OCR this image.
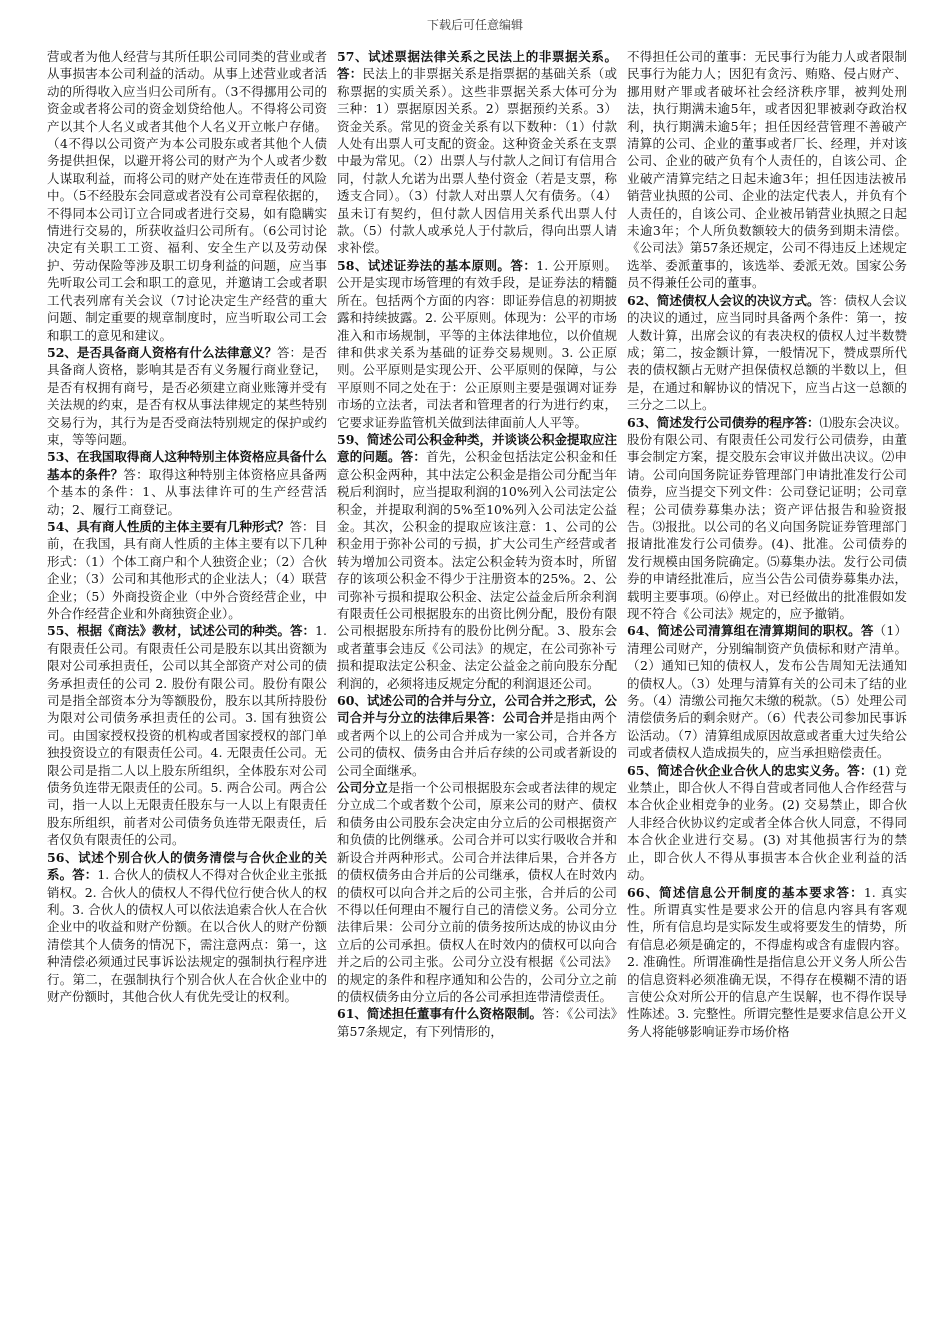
下载后可任意编辑

营或者为他人经营与其所任职公司同类的营业或者从事损害本公司利益的活动。从事上述营业或者活动的所得收入应当归公司所有。（3不得挪用公司的资金或者将公司的资金划贷给他人。不得将公司资产以其个人名义或者其他个人名义开立帐户存储。（4不得以公司资产为本公司股东或者其他个人债务提供担保，以避开将公司的财产为个人或者少数人谋取利益，而将公司的财产处在连带责任的风险中。（5不经股东会同意或者没有公司章程依据的，不得同本公司订立合同或者进行交易，如有隐瞒实情进行交易的，所获收益归公司所有。（6公司讨论决定有关职工工资、福利、安全生产以及劳动保护、劳动保险等涉及职工切身利益的问题，应当事先听取公司工会和职工的意见，并邀请工会或者职工代表列席有关会议（7讨论决定生产经营的重大问题、制定重要的规章制度时，应当听取公司工会和职工的意见和建议。

52、是否具备商人资格有什么法律意义？答：是否具备商人资格，影响其是否有义务履行商业登记，是否有权拥有商号，是否必须建立商业账簿并受有关法规的约束，是否有权从事法律规定的某些特别交易行为，其行为是否受商法特别规定的保护或约束，等等问题。

53、在我国取得商人这种特别主体资格应具备什么基本的条件？答：取得这种特别主体资格应具备两个基本的条件：1、从事法律许可的生产经营活动；2、履行工商登记。

54、具有商人性质的主体主要有几种形式？答：目前，在我国，具有商人性质的主体主要有以下几种形式：（1）个体工商户和个人独资企业；（2）合伙企业；（3）公司和其他形式的企业法人；（4）联营企业；（5）外商投资企业（中外合资经营企业，中外合作经营企业和外商独资企业）。

55、根据《商法》教材，试述公司的种类。答：1. 有限责任公司。有限责任公司是股东以其出资额为限对公司承担责任，公司以其全部资产对公司的债务承担责任的公司 2. 股份有限公司。股份有限公司是指全部资本分为等额股份，股东以其所持股份为限对公司债务承担责任的公司。3. 国有独资公司。由国家授权投资的机构或者国家授权的部门单独投资设立的有限责任公司。4. 无限责任公司。无限公司是指二人以上股东所组织，全体股东对公司债务负连带无限责任的公司。5. 两合公司。两合公司，指一人以上无限责任股东与一人以上有限责任股东所组织，前者对公司债务负连带无限责任，后者仅负有限责任的公司。

56、试述个别合伙人的债务清偿与合伙企业的关系。答：1. 合伙人的债权人不得对合伙企业主张抵销权。2. 合伙人的债权人不得代位行使合伙人的权利。3. 合伙人的债权人可以依法追索合伙人在合伙企业中的收益和财产份额。在以合伙人的财产份额清偿其个人债务的情况下，需注意两点：第一，这种清偿必须通过民事诉讼法规定的强制执行程序进行。第二，在强制执行个别合伙人在合伙企业中的财产份额时，其他合伙人有优先受让的权利。

57、试述票据法律关系之民法上的非票据关系。答：民法上的非票据关系是指票据的基础关系（或称票据的实质关系）。这些非票据关系大体可分为三种：1）票据原因关系。2）票据预约关系。3）资金关系。常见的资金关系有以下数种：（1）付款人处有出票人可支配的资金。这种资金关系在支票中最为常见。（2）出票人与付款人之间订有信用合同，付款人允诺为出票人垫付资金（若是支票，称透支合同）。（3）付款人对出票人欠有债务。（4）虽未订有契约，但付款人因信用关系代出票人付款。（5）付款人或承兑人于付款后，得向出票人请求补偿。

58、试述证券法的基本原则。答：1. 公开原则。公开是实现市场管理的有效手段，是证券法的精髓所在。包括两个方面的内容：即证券信息的初期披露和持续披露。2. 公平原则。体现为：公平的市场准入和市场规制，平等的主体法律地位，以价值规律和供求关系为基础的证券交易规则。3. 公正原则。公平原则是实现公开、公平原则的保障，与公平原则不同之处在于：公正原则主要是强调对证券市场的立法者，司法者和管理者的行为进行约束，它要求证券监管机关做到法律面前人人平等。

59、简述公司公积金种类，并谈谈公积金提取应注意的问题。答：首先，公积金包括法定公积金和任意公积金两种，其中法定公积金是指公司分配当年税后利润时，应当提取利润的10%列入公司法定公积金，并提取利润的5%至10%列入公司法定公益金。其次，公积金的提取应该注意：1、公司的公积金用于弥补公司的亏损，扩大公司生产经营或者转为增加公司资本。法定公积金转为资本时，所留存的该项公积金不得少于注册资本的25%。2、公司弥补亏损和提取公积金、法定公益金后所余利润有限责任公司根据股东的出资比例分配，股份有限公司根据股东所持有的股份比例分配。3、股东会或者董事会违反《公司法》的规定，在公司弥补亏损和提取法定公积金、法定公益金之前向股东分配利润的，必须将违反规定分配的利润退还公司。

60、试述公司的合并与分立，公司合并之形式，公司合并与分立的法律后果答：公司合并是指由两个或者两个以上的公司合并成为一家公司，合并各方公司的债权、债务由合并后存续的公司或者新设的公司全面继承。

公司分立是指一个公司根据股东会或者法律的规定分立成二个或者数个公司，原来公司的财产、债权和债务由公司股东会决定由分立后的公司根据资产和负债的比例继承。公司合并可以实行吸收合并和新设合并两种形式。公司合并法律后果，合并各方的债权债务由合并后的公司继承，债权人在时效内的债权可以向合并之后的公司主张，合并后的公司不得以任何理由不履行自己的清偿义务。公司分立法律后果：公司分立前的债务按所达成的协议由分立后的公司承担。债权人在时效内的债权可以向合并之后的公司主张。公司分立没有根据《公司法》的规定的条件和程序通知和公告的，公司分立之前的债权债务由分立后的各公司承担连带清偿责任。

61、简述担任董事有什么资格限制。答：《公司法》第57条规定，有下列情形的，

不得担任公司的董事：无民事行为能力人或者限制民事行为能力人；因犯有贪污、贿赂、侵占财产、挪用财产罪或者破坏社会经济秩序罪，被判处刑法，执行期满未逾5年，或者因犯罪被剥夺政治权利，执行期满未逾5年；担任因经营管理不善破产清算的公司、企业的董事或者厂长、经理，并对该公司、企业的破产负有个人责任的，自该公司、企业破产清算完结之日起未逾3年；担任因违法被吊销营业执照的公司、企业的法定代表人，并负有个人责任的，自该公司、企业被吊销营业执照之日起未逾3年；个人所负数额较大的债务到期未清偿。《公司法》第57条还规定，公司不得违反上述规定选举、委派董事的，该选举、委派无效。国家公务员不得兼任公司的董事。

62、简述债权人会议的决议方式。答：债权人会议的决议的通过，应当同时具备两个条件：第一，按人数计算，出席会议的有表决权的债权人过半数赞成；第二，按金额计算，一般情况下，赞成票所代表的债权额占无财产担保债权总额的半数以上，但是，在通过和解协议的情况下，应当占这一总额的三分之二以上。

63、简述发行公司债券的程序答：⑴股东会决议。股份有限公司、有限责任公司发行公司债券，由董事会制定方案，提交股东会审议并做出决议。⑵申请。公司向国务院证券管理部门申请批准发行公司债券，应当提交下列文件：公司登记证明；公司章程；公司债券募集办法；资产评估报告和验资报告。⑶报批。以公司的名义向国务院证券管理部门报请批准发行公司债券。(4)、批准。公司债券的发行规模由国务院确定。⑸募集办法。发行公司债券的申请经批准后，应当公告公司债券募集办法，载明主要事项。⑹停止。对已经做出的批准假如发现不符合《公司法》规定的，应予撤销。

64、简述公司清算组在清算期间的职权。答（1）清理公司财产，分别编制资产负债标和财产清单。（2）通知已知的债权人，发布公告周知无法通知的债权人。（3）处理与清算有关的公司未了结的业务。（4）清缴公司拖欠未缴的税款。（5）处理公司清偿债务后的剩余财产。（6）代表公司参加民事诉讼活动。（7）清算组成原因故意或者重大过失给公司或者债权人造成损失的，应当承担赔偿责任。

65、简述合伙企业合伙人的忠实义务。答：(1) 竞业禁止，即合伙人不得自营或者同他人合作经营与本合伙企业相竞争的业务。(2) 交易禁止，即合伙人非经合伙协议约定或者全体合伙人同意，不得同本合伙企业进行交易。(3) 对其他损害行为的禁止，即合伙人不得从事损害本合伙企业利益的活动。

66、简述信息公开制度的基本要求答：1. 真实性。所谓真实性是要求公开的信息内容具有客观性，所有信息均是实际发生或将要发生的情势，所有信息必须是确定的，不得虚构或含有虚假内容。2. 准确性。所谓准确性是指信息公开义务人所公告的信息资料必须准确无误，不得存在模糊不清的语言使公众对所公开的信息产生误解，也不得作误导性陈述。3. 完整性。所谓完整性是要求信息公开义务人将能够影响证券市场价格
